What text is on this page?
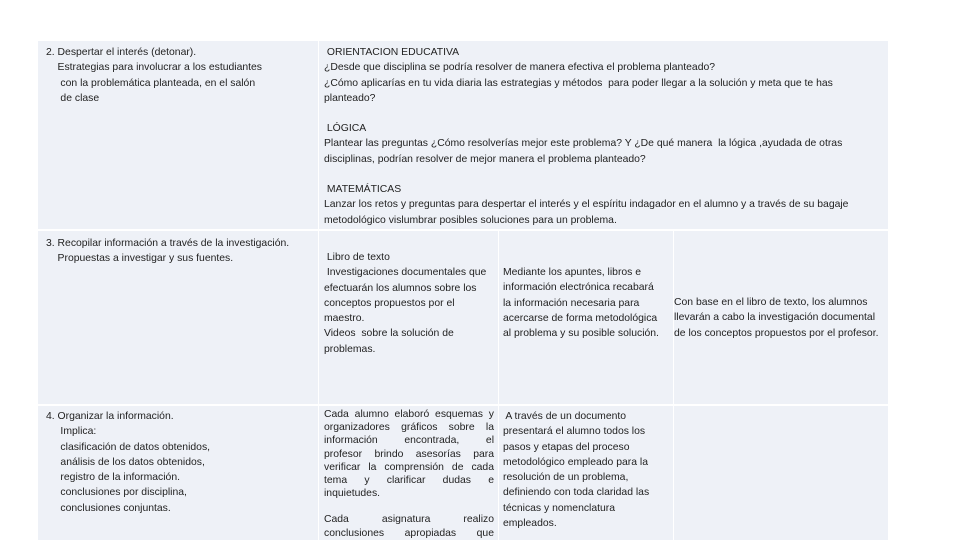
2. Despertar el interés (detonar).
Estrategias para involucrar a los estudiantes
con la problemática planteada, en el salón
de clase
ORIENTACION EDUCATIVA
¿Desde que disciplina se podría resolver de manera efectiva el problema planteado?
¿Cómo aplicarías en tu vida diaria las estrategias y métodos  para poder llegar a la solución y meta que te has
planteado?
LÓGICA
Plantear las preguntas ¿Cómo resolverías mejor este problema? Y ¿De qué manera  la lógica ,ayudada de otras
disciplinas, podrían resolver de mejor manera el problema planteado?
MATEMÁTICAS
Lanzar los retos y preguntas para despertar el interés y el espíritu indagador en el alumno y a través de su bagaje
metodológico vislumbrar posibles soluciones para un problema.
3. Recopilar información a través de la investigación.
Propuestas a investigar y sus fuentes.	Libro de texto
Investigaciones documentales que
efectuarán los alumnos sobre los
conceptos propuestos por el
maestro.
Videos  sobre la solución de
problemas.
Mediante los apuntes, libros e
información electrónica recabará
la información necesaria para
acercarse de forma metodológica
al problema y su posible solución.
Con base en el libro de texto, los alumnos
llevarán a cabo la investigación documental
de los conceptos propuestos por el profesor.
4. Organizar la información.
Implica:
clasificación de datos obtenidos,
análisis de los datos obtenidos,
registro de la información.
conclusiones por disciplina,
conclusiones conjuntas.
Cada alumno elaboró esquemas y
organizadores gráficos sobre la
información encontrada, el
profesor brindo asesorías para
verificar la comprensión de cada
tema y clarificar dudas e
inquietudes.
Cada asignatura realizo
conclusiones apropiadas que
A través de un documento
presentará el alumno todos los
pasos y etapas del proceso
metodológico empleado para la
resolución de un problema,
definiendo con toda claridad las
técnicas y nomenclatura
empleados.
